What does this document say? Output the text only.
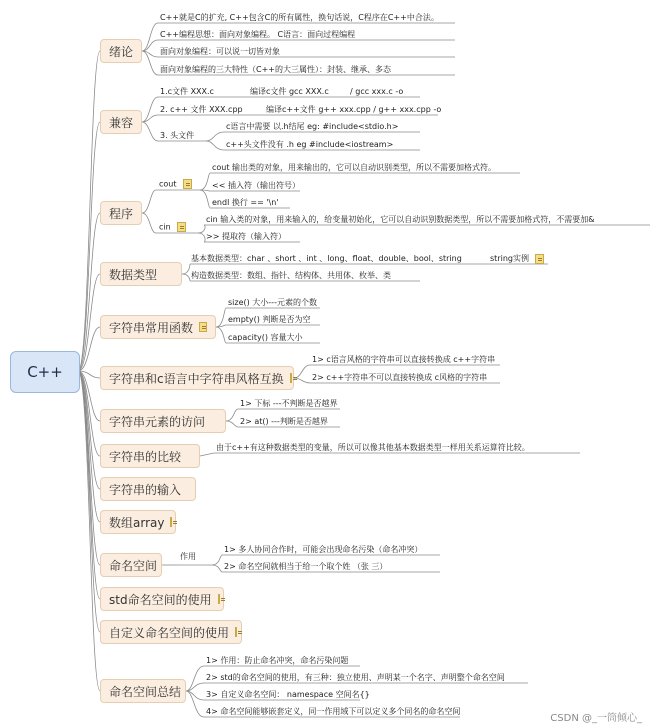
C++
绪论
C++就是C的扩充, C++包含C的所有属性，换句话说，C程序在C++中合法。
C++编程思想：面向对象编程。 C语言：面向过程编程
面向对象编程：可以说一切皆对象
面向对象编程的三大特性（C++的大三属性）：封装、继承、多态
兼容
1.c文件 XXX.c	编译c文件 gcc XXX.c	/ gcc xxx.c -o
2. c++ 文件 XXX.cpp	编译c++文件 g++ xxx.cpp / g++ xxx.cpp -o
3. 头文件
c语言中需要 以.h结尾 eg: #include<stdio.h>
c++头文件没有 .h eg #include<iostream>
程序
cout
cout 输出类的对象，用来输出的，它可以自动识别类型，所以不需要加格式符。
<< 插入符（输出符号）
endl 换行 == '\n'
cin
cin 输入类的对象，用来输入的，给变量初始化，它可以自动识别数据类型，所以不需要加格式符，不需要加&
>> 提取符（输入符）
数据类型
基本数据类型：char 、short 、int 、long、float、double、bool、string	string实例
构造数据类型：数组、指针、结构体、共用体、枚举、类
字符串常用函数
size() 大小---元素的个数
empty() 判断是否为空
capacity() 容量大小
字符串和c语言中字符串风格互换
1> c语言风格的字符串可以直接转换成 c++字符串
2> c++字符串不可以直接转换成 c风格的字符串
字符串元素的访问
1> 下标 ---不判断是否越界
2> at() ---判断是否越界
字符串的比较
由于c++有这种数据类型的变量，所以可以像其他基本数据类型一样用关系运算符比较。
字符串的输入
数组array
命名空间
作用
1> 多人协同合作时，可能会出现命名污染（命名冲突）
2> 命名空间就相当于给一个取个姓 （张 三）
std命名空间的使用
自定义命名空间的使用
命名空间总结
1> 作用：防止命名冲突，命名污染问题
2> std的命名空间的使用，有三种：独立使用、声明某一个名字、声明整个命名空间
3> 自定义命名空间： namespace 空间名{}
4> 命名空间能够嵌套定义，同一作用域下可以定义多个同名的命名空间
CSDN @_一筒倾心_
